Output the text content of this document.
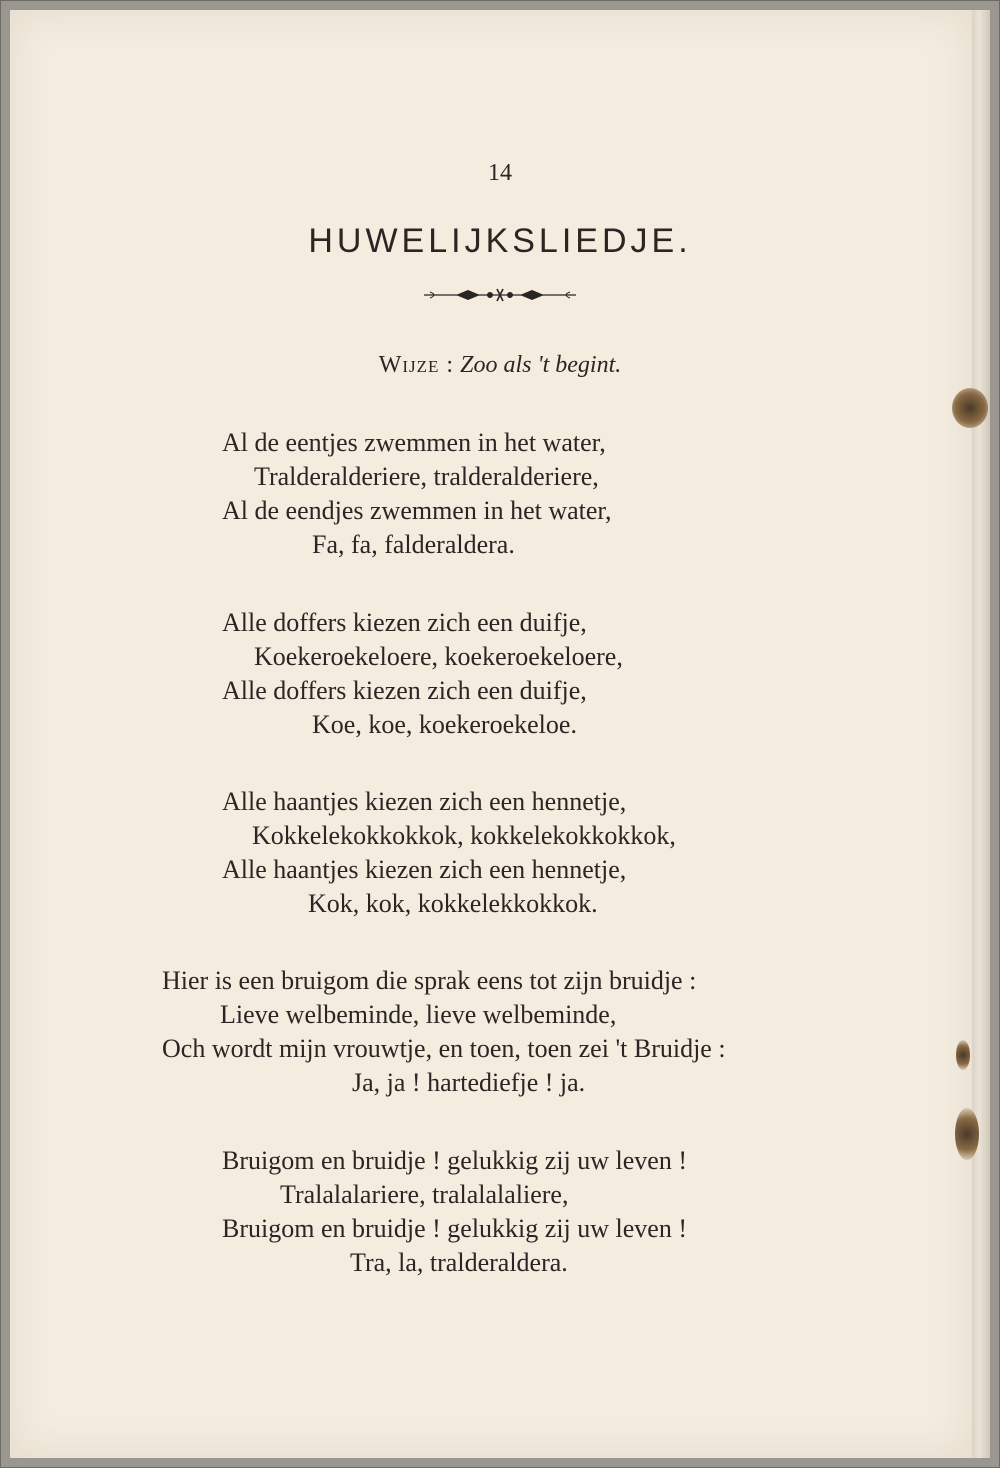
14
HUWELIJKSLIEDJE.
Wijze : Zoo als 't begint.
Al de eentjes zwemmen in het water,
Tralderalderiere, tralderalderiere,
Al de eendjes zwemmen in het water,
Fa, fa, falderaldera.
Alle doffers kiezen zich een duifje,
Koekeroekeloere, koekeroekeloere,
Alle doffers kiezen zich een duifje,
Koe, koe, koekeroekeloe.
Alle haantjes kiezen zich een hennetje,
Kokkelekokkokkok, kokkelekokkokkok,
Alle haantjes kiezen zich een hennetje,
Kok, kok, kokkelekkokkok.
Hier is een bruigom die sprak eens tot zijn bruidje :
Lieve welbeminde, lieve welbeminde,
Och wordt mijn vrouwtje, en toen, toen zei 't Bruidje :
Ja, ja ! hartediefje ! ja.
Bruigom en bruidje ! gelukkig zij uw leven !
Tralalalariere, tralalalaliere,
Bruigom en bruidje ! gelukkig zij uw leven !
Tra, la, tralderaldera.
